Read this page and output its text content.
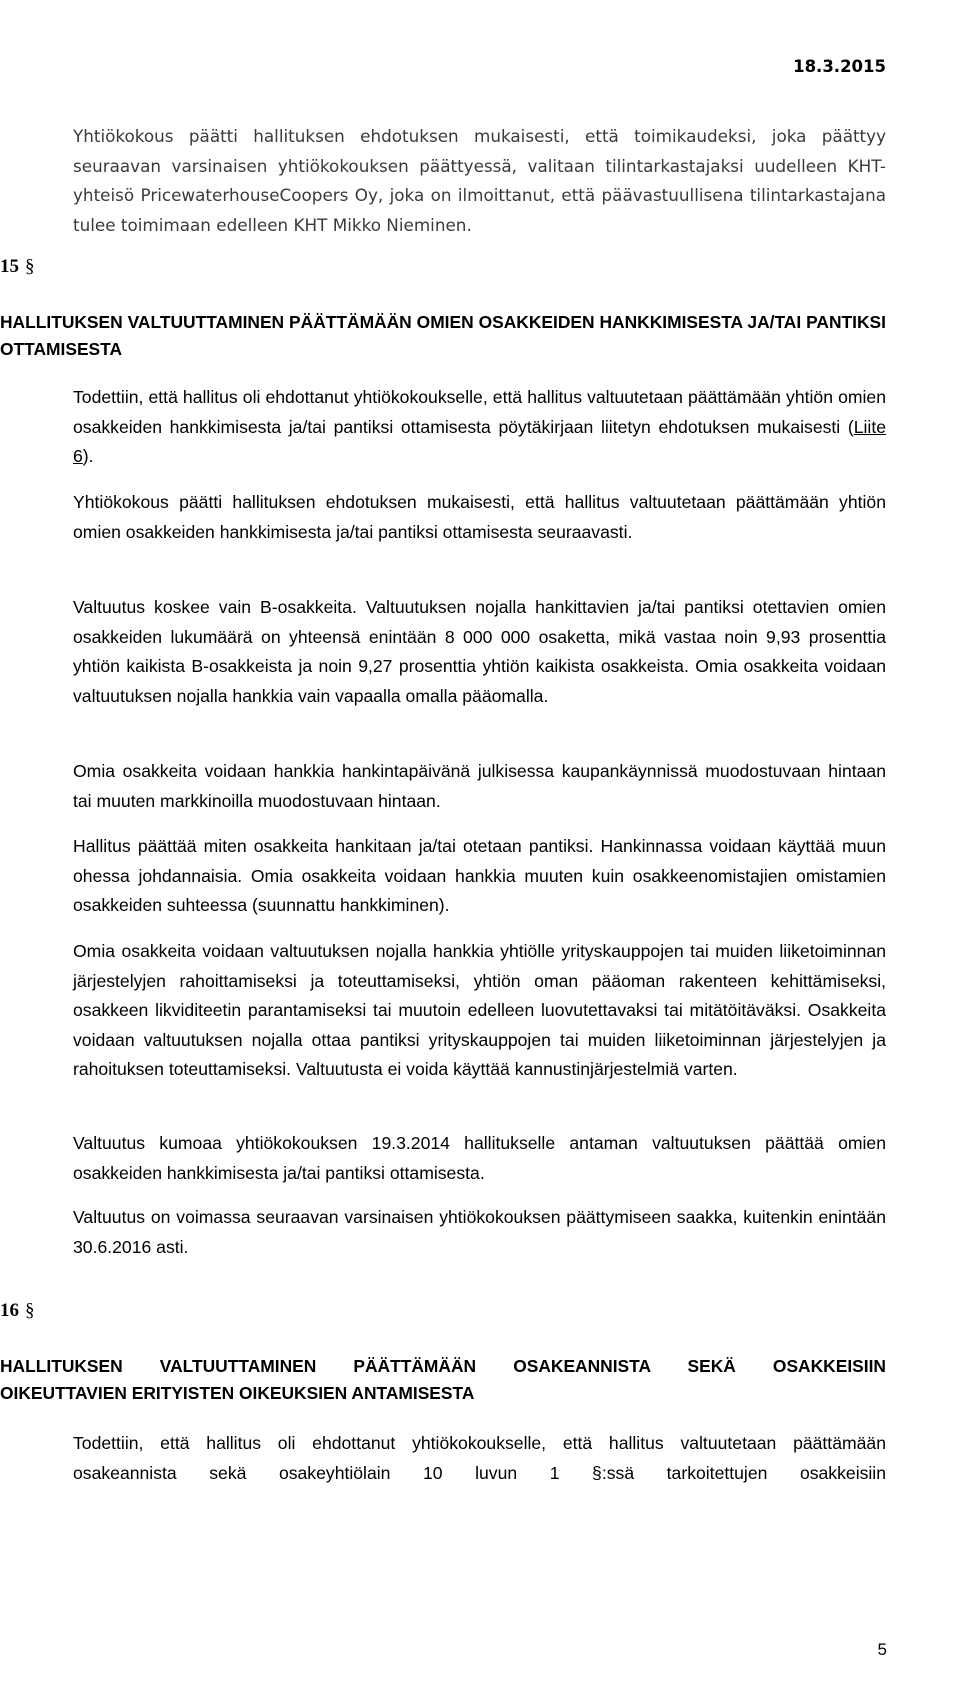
PÖYTÄKIRJA
Nro 1/2015
CAPMAN OYJ
VARSINAINEN YHTIÖKOKOUS
18.3.2015

Yhtiökokous päätti hallituksen ehdotuksen mukaisesti, että toimikaudeksi, joka päättyy seuraavan varsinaisen yhtiökokouksen päättyessä, valitaan tilintarkastajaksi uudelleen KHT-yhteisö PricewaterhouseCoopers Oy, joka on ilmoittanut, että päävastuullisena tilintarkastajana tulee toimimaan edelleen KHT Mikko Nieminen.

15 §
HALLITUKSEN VALTUUTTAMINEN PÄÄTTÄMÄÄN OMIEN OSAKKEIDEN HANKKIMISESTA JA/TAI PANTIKSI OTTAMISESTA

Todettiin, että hallitus oli ehdottanut yhtiökokoukselle, että hallitus valtuutetaan päättämään yhtiön omien osakkeiden hankkimisesta ja/tai pantiksi ottamisesta pöytäkirjaan liitetyn ehdotuksen mukaisesti (Liite 6).

Yhtiökokous päätti hallituksen ehdotuksen mukaisesti, että hallitus valtuutetaan päättämään yhtiön omien osakkeiden hankkimisesta ja/tai pantiksi ottamisesta seuraavasti.

Valtuutus koskee vain B-osakkeita. Valtuutuksen nojalla hankittavien ja/tai pantiksi otettavien omien osakkeiden lukumäärä on yhteensä enintään 8 000 000 osaketta, mikä vastaa noin 9,93 prosenttia yhtiön kaikista B-osakkeista ja noin 9,27 prosenttia yhtiön kaikista osakkeista. Omia osakkeita voidaan valtuutuksen nojalla hankkia vain vapaalla omalla pääomalla.

Omia osakkeita voidaan hankkia hankintapäivänä julkisessa kaupankäynnissä muodostuvaan hintaan tai muuten markkinoilla muodostuvaan hintaan.

Hallitus päättää miten osakkeita hankitaan ja/tai otetaan pantiksi. Hankinnassa voidaan käyttää muun ohessa johdannaisia. Omia osakkeita voidaan hankkia muuten kuin osakkeenomistajien omistamien osakkeiden suhteessa (suunnattu hankkiminen).

Omia osakkeita voidaan valtuutuksen nojalla hankkia yhtiölle yrityskauppojen tai muiden liiketoiminnan järjestelyjen rahoittamiseksi ja toteuttamiseksi, yhtiön oman pääoman rakenteen kehittämiseksi, osakkeen likviditeetin parantamiseksi tai muutoin edelleen luovutettavaksi tai mitätöitäväksi. Osakkeita voidaan valtuutuksen nojalla ottaa pantiksi yrityskauppojen tai muiden liiketoiminnan järjestelyjen ja rahoituksen toteuttamiseksi. Valtuutusta ei voida käyttää kannustinjärjestelmiä varten.

Valtuutus kumoaa yhtiökokouksen 19.3.2014 hallitukselle antaman valtuutuksen päättää omien osakkeiden hankkimisesta ja/tai pantiksi ottamisesta.

Valtuutus on voimassa seuraavan varsinaisen yhtiökokouksen päättymiseen saakka, kuitenkin enintään 30.6.2016 asti.

16 §
HALLITUKSEN VALTUUTTAMINEN PÄÄTTÄMÄÄN OSAKEANNISTA SEKÄ OSAKKEISIIN
OIKEUTTAVIEN ERITYISTEN OIKEUKSIEN ANTAMISESTA

Todettiin, että hallitus oli ehdottanut yhtiökokoukselle, että hallitus valtuutetaan päättämään osakeannista sekä osakeyhtiölain 10 luvun 1 §:ssä tarkoitettujen osakkeisiin

5
